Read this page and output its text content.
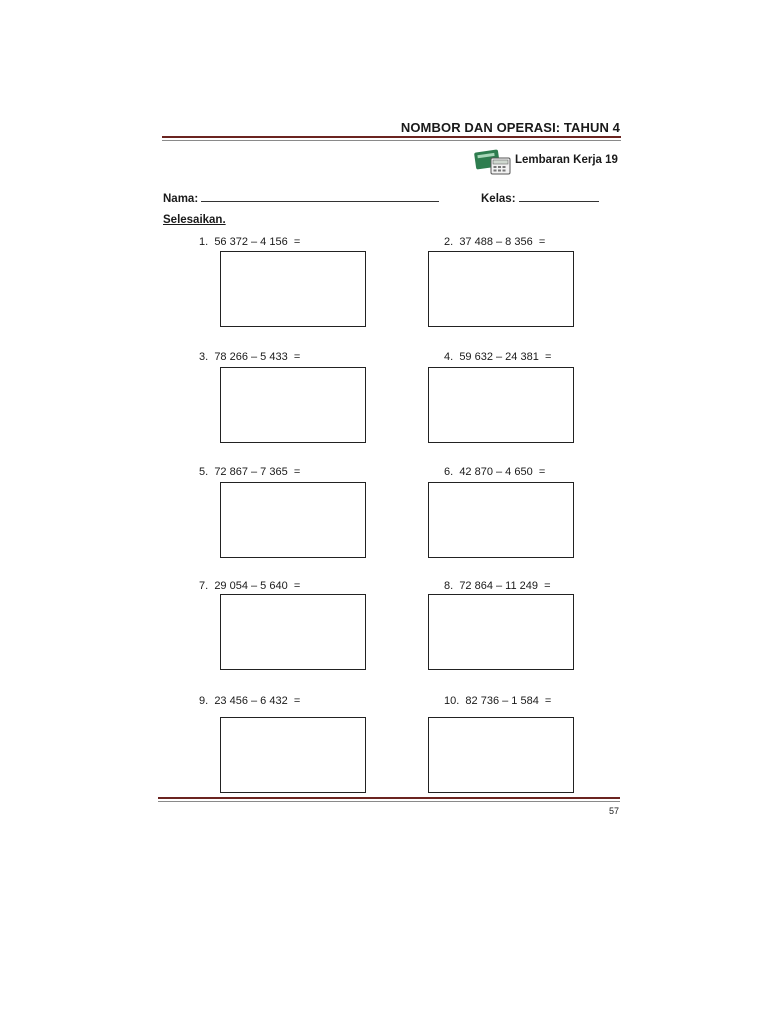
NOMBOR DAN OPERASI: TAHUN 4
Lembaran Kerja 19
Nama:	Kelas:
Selesaikan.
1. 56 372 – 4 156  =	2. 37 488 – 8 356  =
3. 78 266 – 5 433  =	4. 59 632 – 24 381  =
5. 72 867 – 7 365  =	6. 42 870 – 4 650  =
7. 29 054 – 5 640  =	8. 72 864 – 11 249  =
9. 23 456 – 6 432  =	10. 82 736 – 1 584  =
57
